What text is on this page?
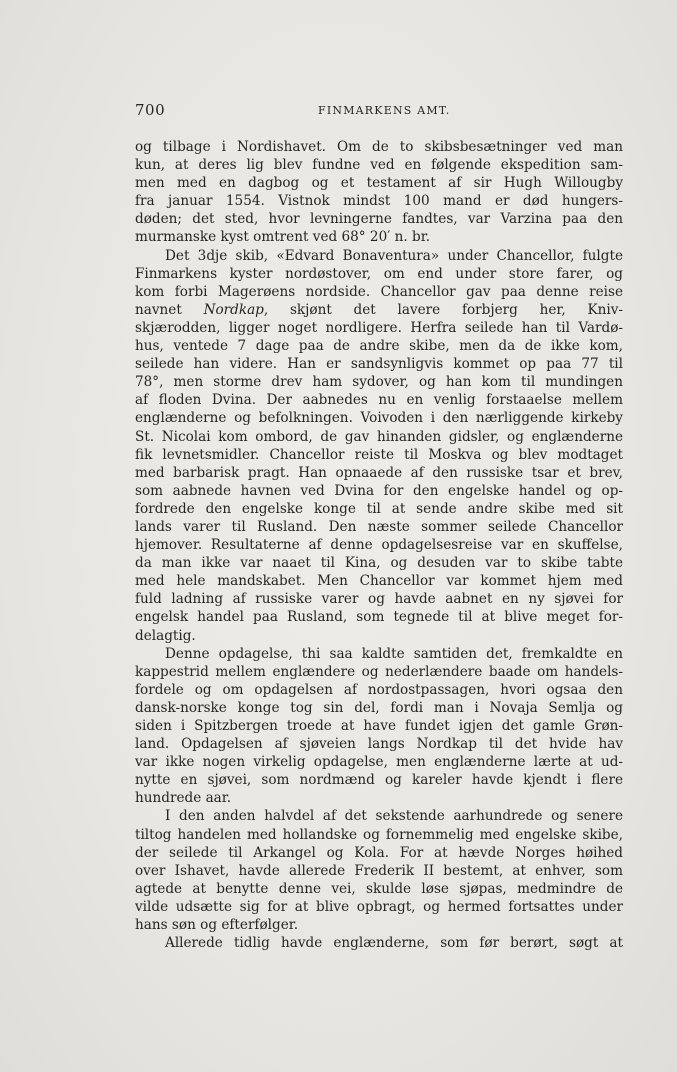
700	FINMARKENS AMT.

og tilbage i Nordishavet. Om de to skibsbesætninger ved man
kun, at deres lig blev fundne ved en følgende ekspedition sam-
men med en dagbog og et testament af sir Hugh Willougby
fra januar 1554. Vistnok mindst 100 mand er død hungers-
døden; det sted, hvor levningerne fandtes, var Varzina paa den
murmanske kyst omtrent ved 68° 20′ n. br.

Det 3dje skib, «Edvard Bonaventura» under Chancellor, fulgte
Finmarkens kyster nordøstover, om end under store farer, og
kom forbi Magerøens nordside. Chancellor gav paa denne reise
navnet Nordkap, skjønt det lavere forbjerg her, Kniv-
skjærodden, ligger noget nordligere. Herfra seilede han til Vardø-
hus, ventede 7 dage paa de andre skibe, men da de ikke kom,
seilede han videre. Han er sandsynligvis kommet op paa 77 til
78°, men storme drev ham sydover, og han kom til mundingen
af floden Dvina. Der aabnedes nu en venlig forstaaelse mellem
englænderne og befolkningen. Voivoden i den nærliggende kirkeby
St. Nicolai kom ombord, de gav hinanden gidsler, og englænderne
fik levnetsmidler. Chancellor reiste til Moskva og blev modtaget
med barbarisk pragt. Han opnaaede af den russiske tsar et brev,
som aabnede havnen ved Dvina for den engelske handel og op-
fordrede den engelske konge til at sende andre skibe med sit
lands varer til Rusland. Den næste sommer seilede Chancellor
hjemover. Resultaterne af denne opdagelsesreise var en skuffelse,
da man ikke var naaet til Kina, og desuden var to skibe tabte
med hele mandskabet. Men Chancellor var kommet hjem med
fuld ladning af russiske varer og havde aabnet en ny sjøvei for
engelsk handel paa Rusland, som tegnede til at blive meget for-
delagtig.

Denne opdagelse, thi saa kaldte samtiden det, fremkaldte en
kappestrid mellem englændere og nederlændere baade om handels-
fordele og om opdagelsen af nordostpassagen, hvori ogsaa den
dansk-norske konge tog sin del, fordi man i Novaja Semlja og
siden i Spitzbergen troede at have fundet igjen det gamle Grøn-
land. Opdagelsen af sjøveien langs Nordkap til det hvide hav
var ikke nogen virkelig opdagelse, men englænderne lærte at ud-
nytte en sjøvei, som nordmænd og kareler havde kjendt i flere
hundrede aar.

I den anden halvdel af det sekstende aarhundrede og senere
tiltog handelen med hollandske og fornemmelig med engelske skibe,
der seilede til Arkangel og Kola. For at hævde Norges høihed
over Ishavet, havde allerede Frederik II bestemt, at enhver, som
agtede at benytte denne vei, skulde løse sjøpas, medmindre de
vilde udsætte sig for at blive opbragt, og hermed fortsattes under
hans søn og efterfølger.

Allerede tidlig havde englænderne, som før berørt, søgt at
